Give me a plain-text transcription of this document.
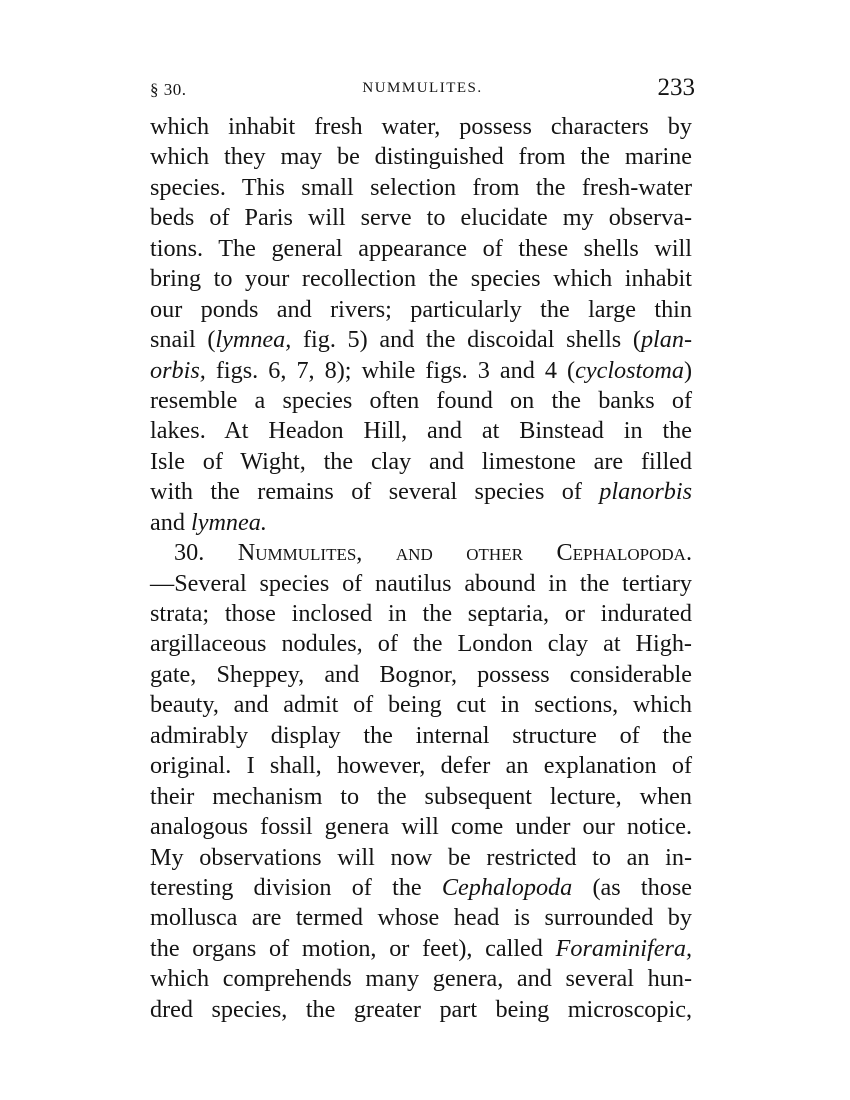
§ 30.	NUMMULITES.	233
which inhabit fresh water, possess characters by
which they may be distinguished from the marine
species. This small selection from the fresh-water
beds of Paris will serve to elucidate my observa-
tions. The general appearance of these shells will
bring to your recollection the species which inhabit
our ponds and rivers; particularly the large thin
snail (lymnea, fig. 5) and the discoidal shells (plan-
orbis, figs. 6, 7, 8); while figs. 3 and 4 (cyclostoma)
resemble a species often found on the banks of
lakes. At Headon Hill, and at Binstead in the
Isle of Wight, the clay and limestone are filled
with the remains of several species of planorbis
and lymnea.
30. Nummulites, and other Cephalopoda.
—Several species of nautilus abound in the tertiary
strata; those inclosed in the septaria, or indurated
argillaceous nodules, of the London clay at High-
gate, Sheppey, and Bognor, possess considerable
beauty, and admit of being cut in sections, which
admirably display the internal structure of the
original. I shall, however, defer an explanation of
their mechanism to the subsequent lecture, when
analogous fossil genera will come under our notice.
My observations will now be restricted to an in-
teresting division of the Cephalopoda (as those
mollusca are termed whose head is surrounded by
the organs of motion, or feet), called Foraminifera,
which comprehends many genera, and several hun-
dred species, the greater part being microscopic,
